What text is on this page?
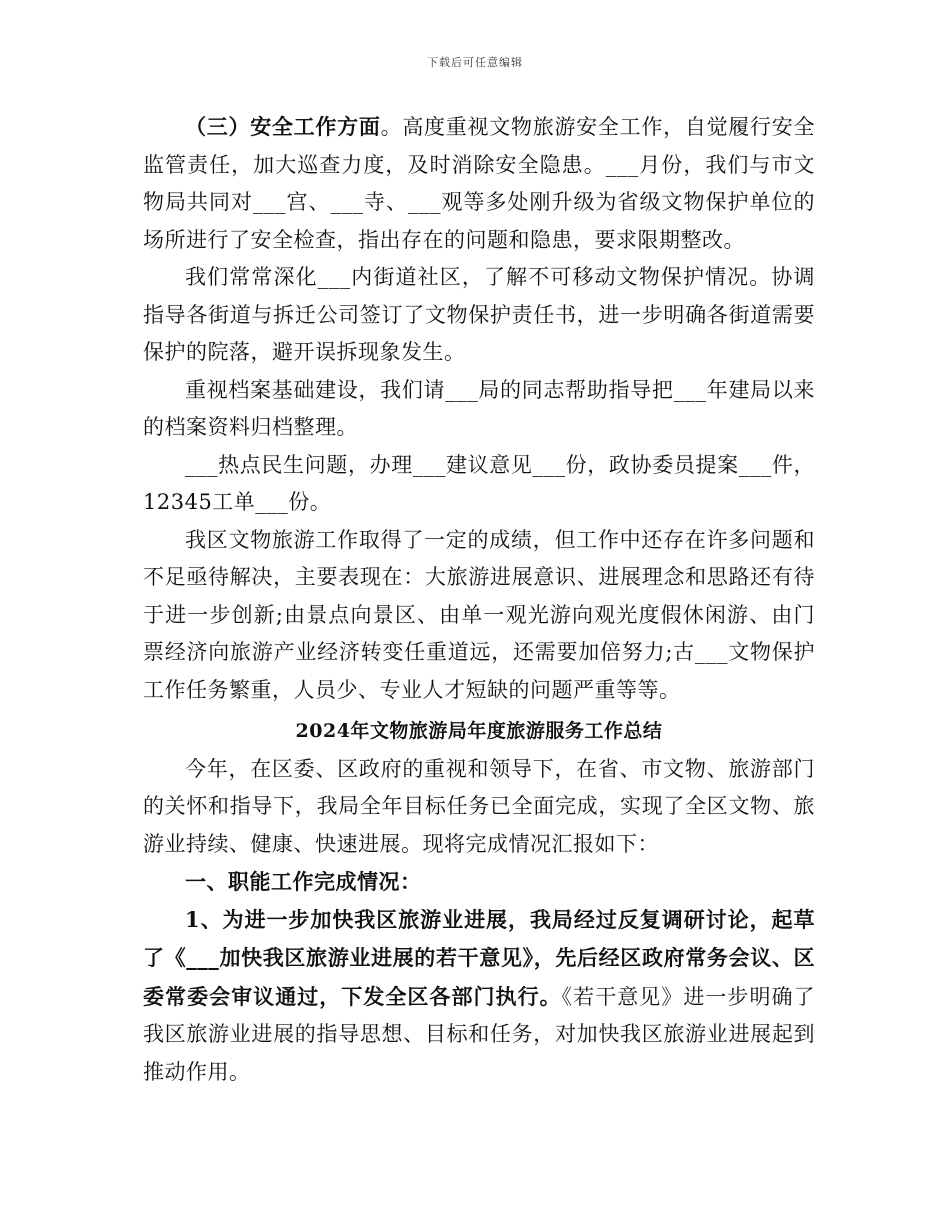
下载后可任意编辑

（三）安全工作方面。高度重视文物旅游安全工作，自觉履行安全监管责任，加大巡查力度，及时消除安全隐患。___月份，我们与市文物局共同对___宫、___寺、___观等多处刚升级为省级文物保护单位的场所进行了安全检查，指出存在的问题和隐患，要求限期整改。

我们常常深化___内街道社区，了解不可移动文物保护情况。协调指导各街道与拆迁公司签订了文物保护责任书，进一步明确各街道需要保护的院落，避开误拆现象发生。

重视档案基础建设，我们请___局的同志帮助指导把___年建局以来的档案资料归档整理。

___热点民生问题，办理___建议意见___份，政协委员提案___件，12345工单___份。

我区文物旅游工作取得了一定的成绩，但工作中还存在许多问题和不足亟待解决，主要表现在：大旅游进展意识、进展理念和思路还有待于进一步创新;由景点向景区、由单一观光游向观光度假休闲游、由门票经济向旅游产业经济转变任重道远，还需要加倍努力;古___文物保护工作任务繁重，人员少、专业人才短缺的问题严重等等。

2024年文物旅游局年度旅游服务工作总结

今年，在区委、区政府的重视和领导下，在省、市文物、旅游部门的关怀和指导下，我局全年目标任务已全面完成，实现了全区文物、旅游业持续、健康、快速进展。现将完成情况汇报如下：

一、职能工作完成情况：

1、为进一步加快我区旅游业进展，我局经过反复调研讨论，起草了《___加快我区旅游业进展的若干意见》，先后经区政府常务会议、区委常委会审议通过，下发全区各部门执行。《若干意见》进一步明确了我区旅游业进展的指导思想、目标和任务，对加快我区旅游业进展起到推动作用。
